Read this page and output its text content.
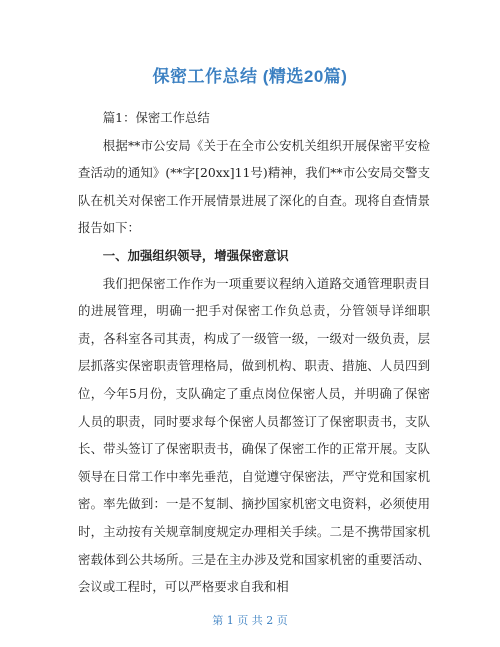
保密工作总结 (精选20篇)

篇1：保密工作总结

根据**市公安局《关于在全市公安机关组织开展保密平安检查活动的通知》(**字[20xx]11号)精神，我们**市公安局交警支队在机关对保密工作开展情景进展了深化的自查。现将自查情景报告如下：

一、加强组织领导，增强保密意识

我们把保密工作作为一项重要议程纳入道路交通管理职责目的进展管理，明确一把手对保密工作负总责，分管领导详细职责，各科室各司其责，构成了一级管一级，一级对一级负责，层层抓落实保密职责管理格局，做到机构、职责、措施、人员四到位，今年5月份，支队确定了重点岗位保密人员，并明确了保密人员的职责，同时要求每个保密人员都签订了保密职责书，支队长、带头签订了保密职责书，确保了保密工作的正常开展。支队领导在日常工作中率先垂范，自觉遵守保密法，严守党和国家机密。率先做到：一是不复制、摘抄国家机密文电资料，必须使用时，主动按有关规章制度规定办理相关手续。二是不携带国家机密载体到公共场所。三是在主办涉及党和国家机密的重要活动、会议或工程时，可以严格要求自我和相

第 1 页 共 2 页
